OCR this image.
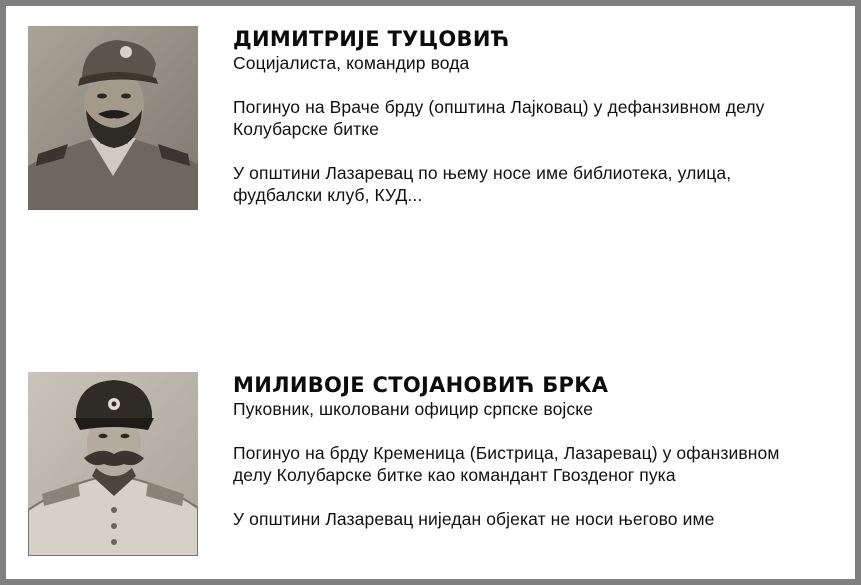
ДИМИТРИЈЕ ТУЦОВИЋ

Социјалиста, командир вода

Погинуо на Враче брду (општина Лајковац) у дефанзивном делу

Колубарске битке

У општини Лазаревац по њему носе име библиотека, улица,

фудбалски клуб, КУД...

МИЛИВОЈЕ СТОЈАНОВИЋ БРКА

Пуковник, школовани официр српске војске

Погинуо на брду Кременица (Бистрица, Лазаревац) у офанзивном

делу Колубарске битке као командант Гвозденог пука

У општини Лазаревац ниједан објекат не носи његово име
